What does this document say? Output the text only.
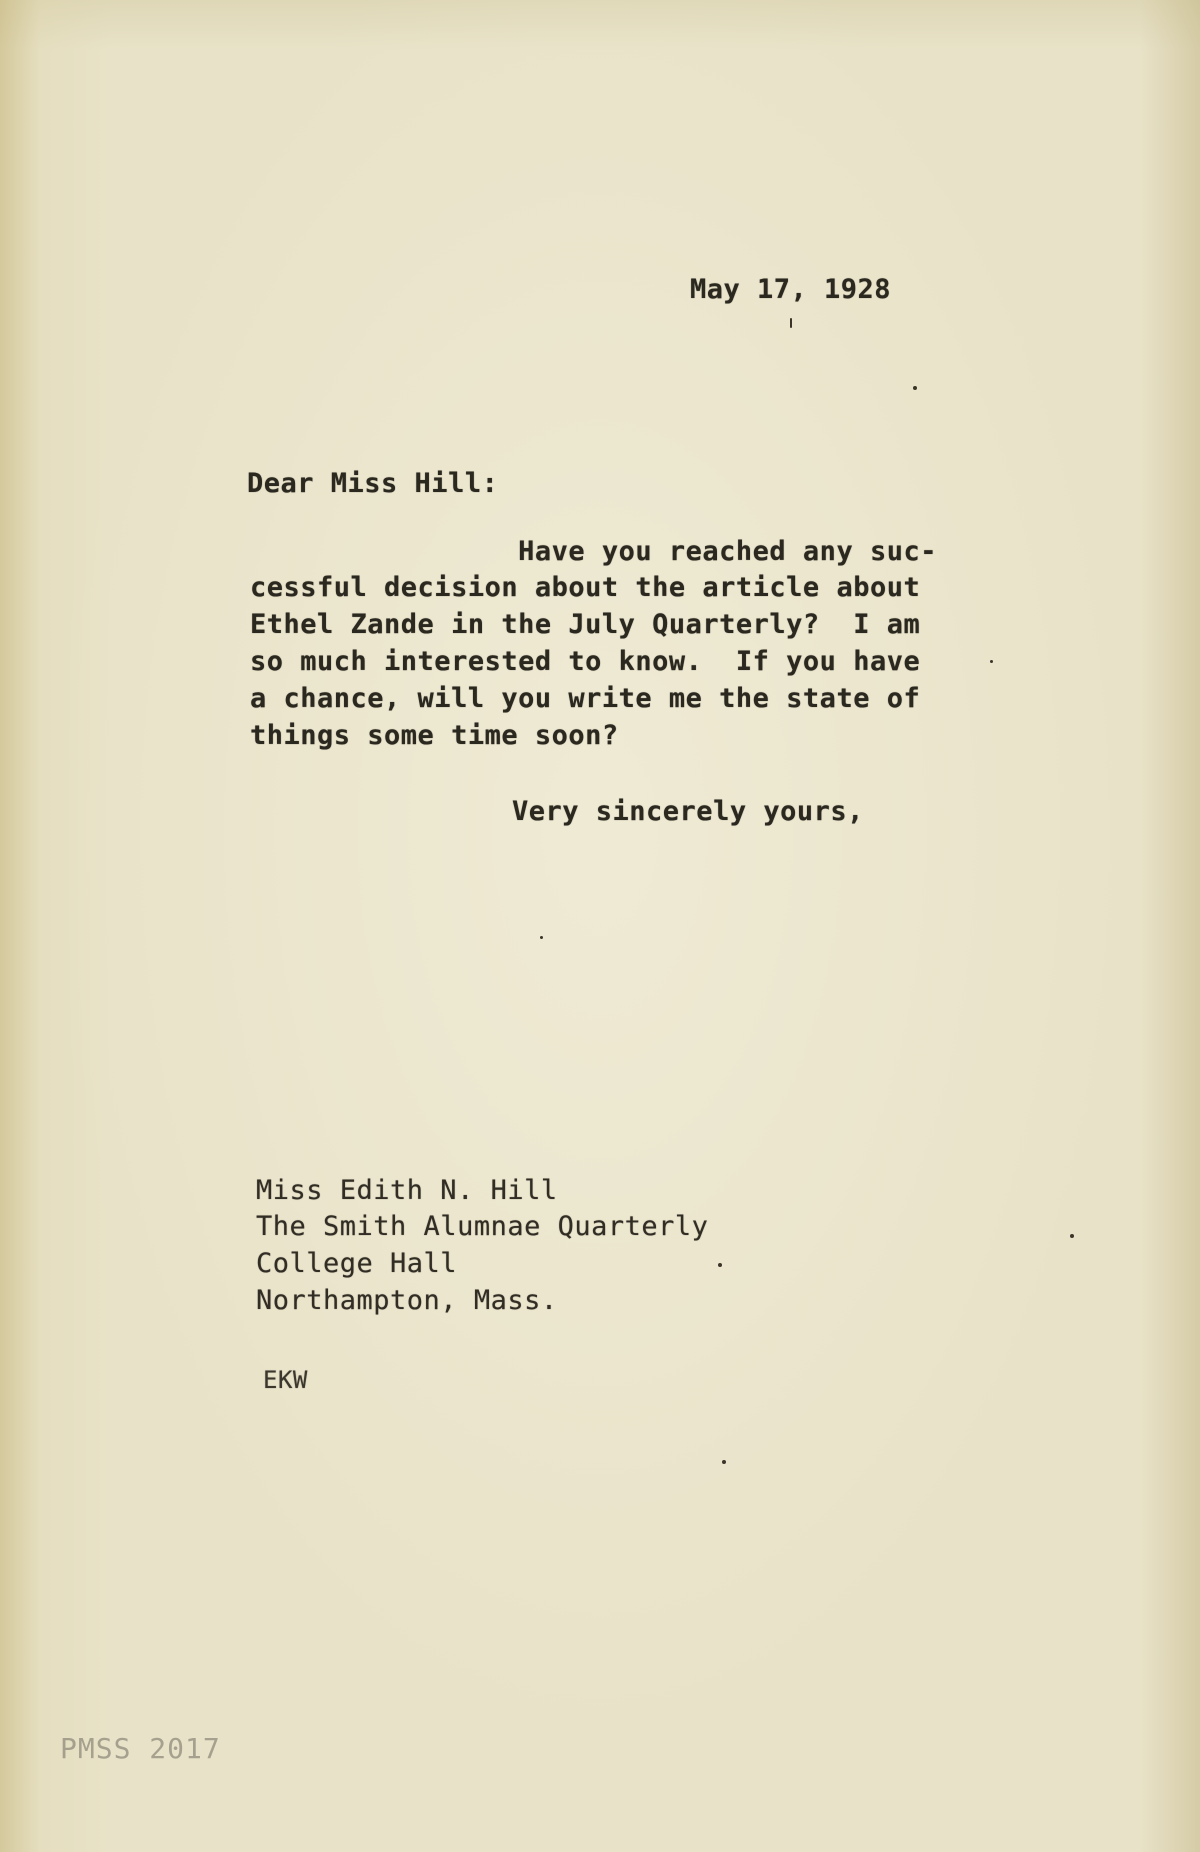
May 17, 1928
Dear Miss Hill:
Have you reached any suc-
cessful decision about the article about
Ethel Zande in the July Quarterly?  I am
so much interested to know.  If you have
a chance, will you write me the state of
things some time soon?
Very sincerely yours,
Miss Edith N. Hill
The Smith Alumnae Quarterly
College Hall
Northampton, Mass.
EKW
PMSS 2017
